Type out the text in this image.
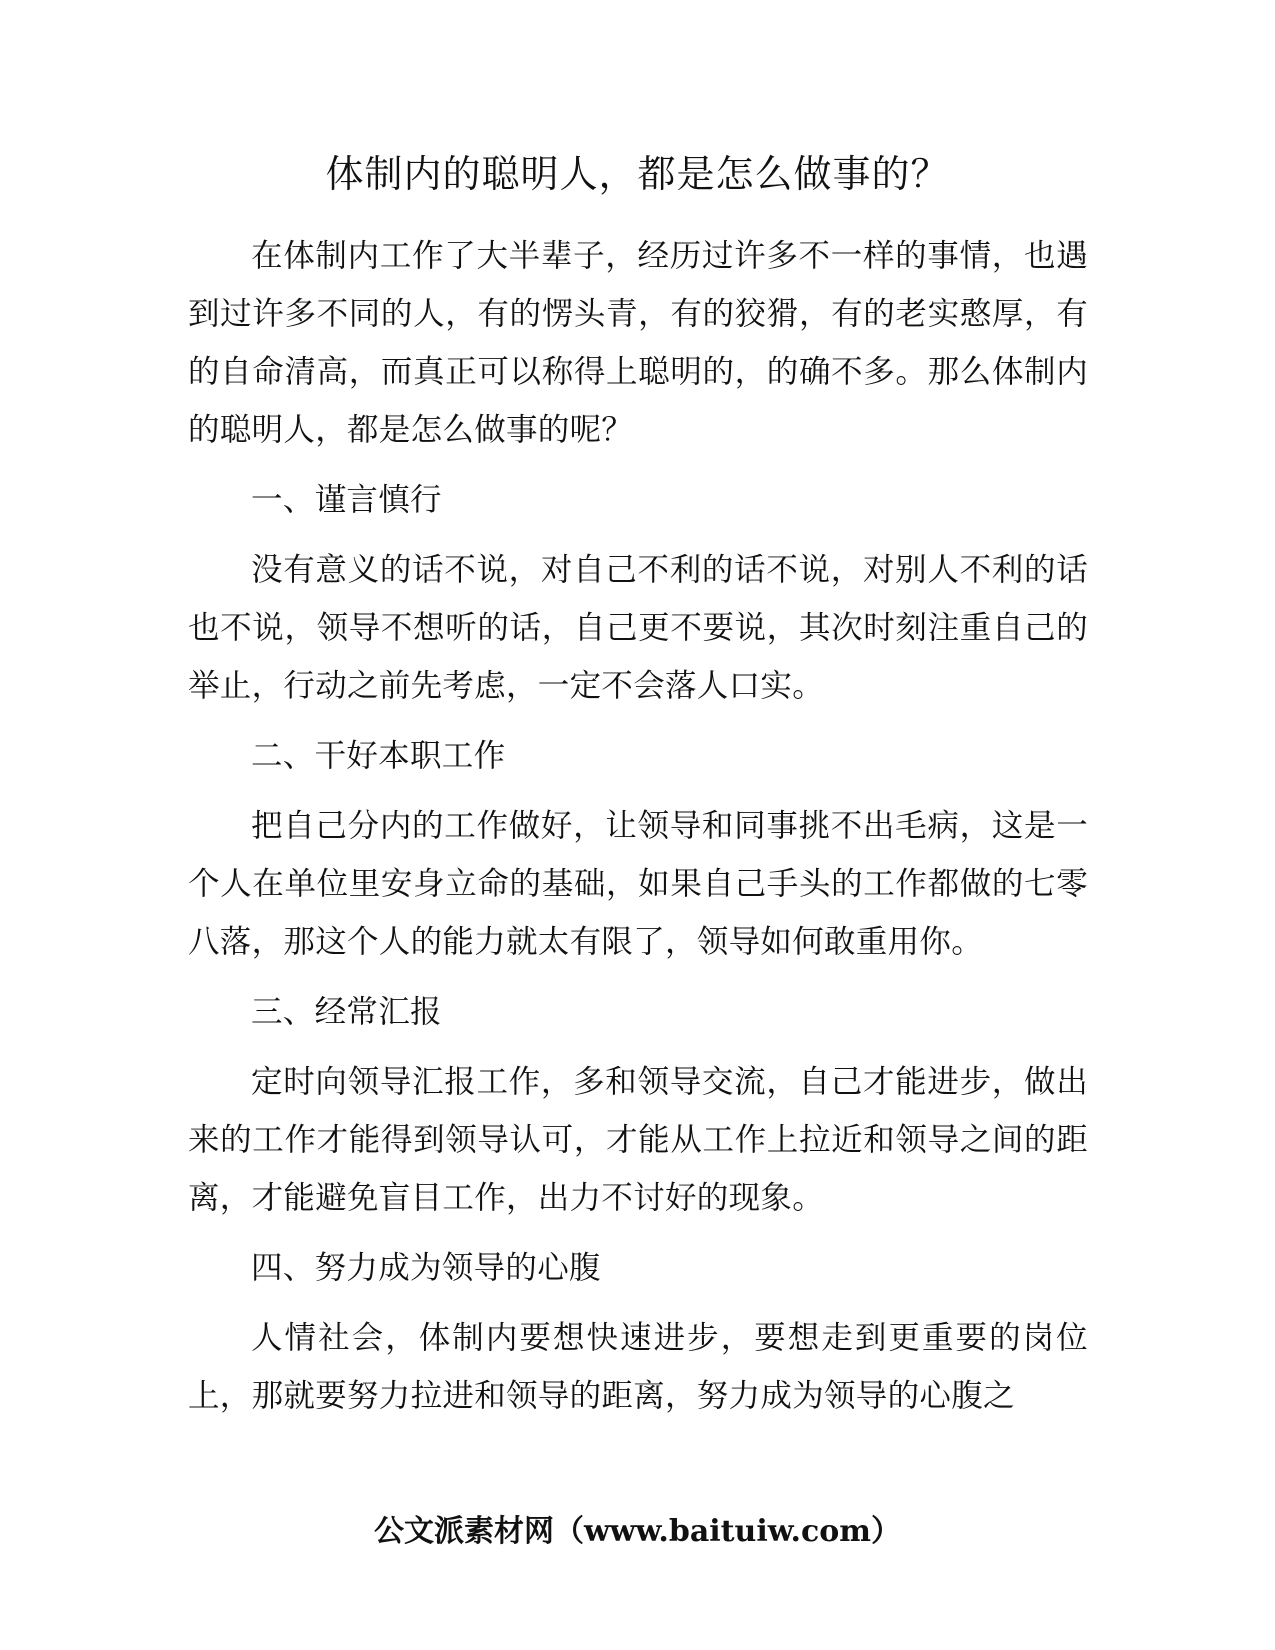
体制内的聪明人，都是怎么做事的？

在体制内工作了大半辈子，经历过许多不一样的事情，也遇到过许多不同的人，有的愣头青，有的狡猾，有的老实憨厚，有的自命清高，而真正可以称得上聪明的，的确不多。那么体制内的聪明人，都是怎么做事的呢？

一、谨言慎行

没有意义的话不说，对自己不利的话不说，对别人不利的话也不说，领导不想听的话，自己更不要说，其次时刻注重自己的举止，行动之前先考虑，一定不会落人口实。

二、干好本职工作

把自己分内的工作做好，让领导和同事挑不出毛病，这是一个人在单位里安身立命的基础，如果自己手头的工作都做的七零八落，那这个人的能力就太有限了，领导如何敢重用你。

三、经常汇报

定时向领导汇报工作，多和领导交流，自己才能进步，做出来的工作才能得到领导认可，才能从工作上拉近和领导之间的距离，才能避免盲目工作，出力不讨好的现象。

四、努力成为领导的心腹

人情社会，体制内要想快速进步，要想走到更重要的岗位上，那就要努力拉进和领导的距离，努力成为领导的心腹之

公文派素材网（www.baituiw.com）
